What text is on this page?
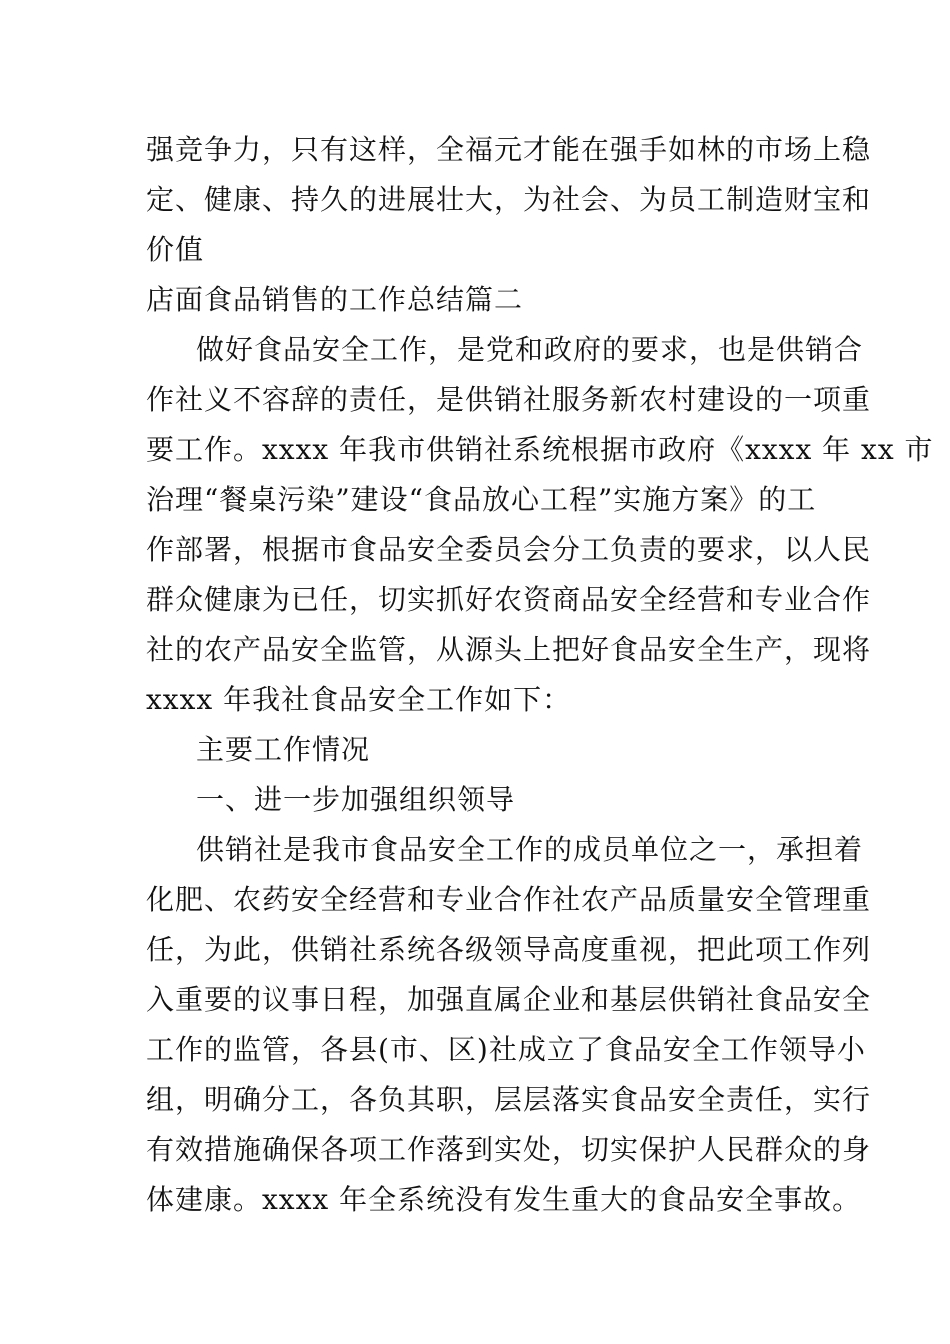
强竞争力，只有这样，全福元才能在强手如林的市场上稳
定、健康、持久的进展壮大，为社会、为员工制造财宝和
价值
店面食品销售的工作总结篇二
做好食品安全工作，是党和政府的要求，也是供销合
作社义不容辞的责任，是供销社服务新农村建设的一项重
要工作。xxxx 年我市供销社系统根据市政府《xxxx 年 xx 市
治理“餐桌污染”建设“食品放心工程”实施方案》的工
作部署，根据市食品安全委员会分工负责的要求，以人民
群众健康为已任，切实抓好农资商品安全经营和专业合作
社的农产品安全监管，从源头上把好食品安全生产，现将
xxxx 年我社食品安全工作如下：
主要工作情况
一、进一步加强组织领导
供销社是我市食品安全工作的成员单位之一，承担着
化肥、农药安全经营和专业合作社农产品质量安全管理重
任，为此，供销社系统各级领导高度重视，把此项工作列
入重要的议事日程，加强直属企业和基层供销社食品安全
工作的监管，各县(市、区)社成立了食品安全工作领导小
组，明确分工，各负其职，层层落实食品安全责任，实行
有效措施确保各项工作落到实处，切实保护人民群众的身
体建康。xxxx 年全系统没有发生重大的食品安全事故。
